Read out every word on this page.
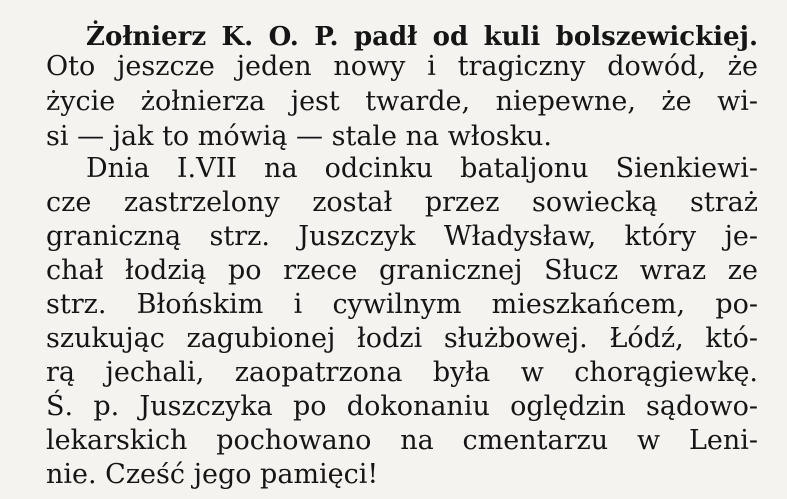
Żołnierz K. O. P. padł od kuli bolszewickiej.
Oto jeszcze jeden nowy i tragiczny dowód, że
życie żołnierza jest twarde, niepewne, że wi-
si — jak to mówią — stale na włosku.
Dnia I.VII na odcinku bataljonu Sienkiewi-
cze zastrzelony został przez sowiecką straż
graniczną strz. Juszczyk Władysław, który je-
chał łodzią po rzece granicznej Słucz wraz ze
strz. Błońskim i cywilnym mieszkańcem, po-
szukując zagubionej łodzi służbowej. Łódź, któ-
rą jechali, zaopatrzona była w chorągiewkę.
Ś. p. Juszczyka po dokonaniu oględzin sądowo-
lekarskich pochowano na cmentarzu w Leni-
nie. Cześć jego pamięci!
